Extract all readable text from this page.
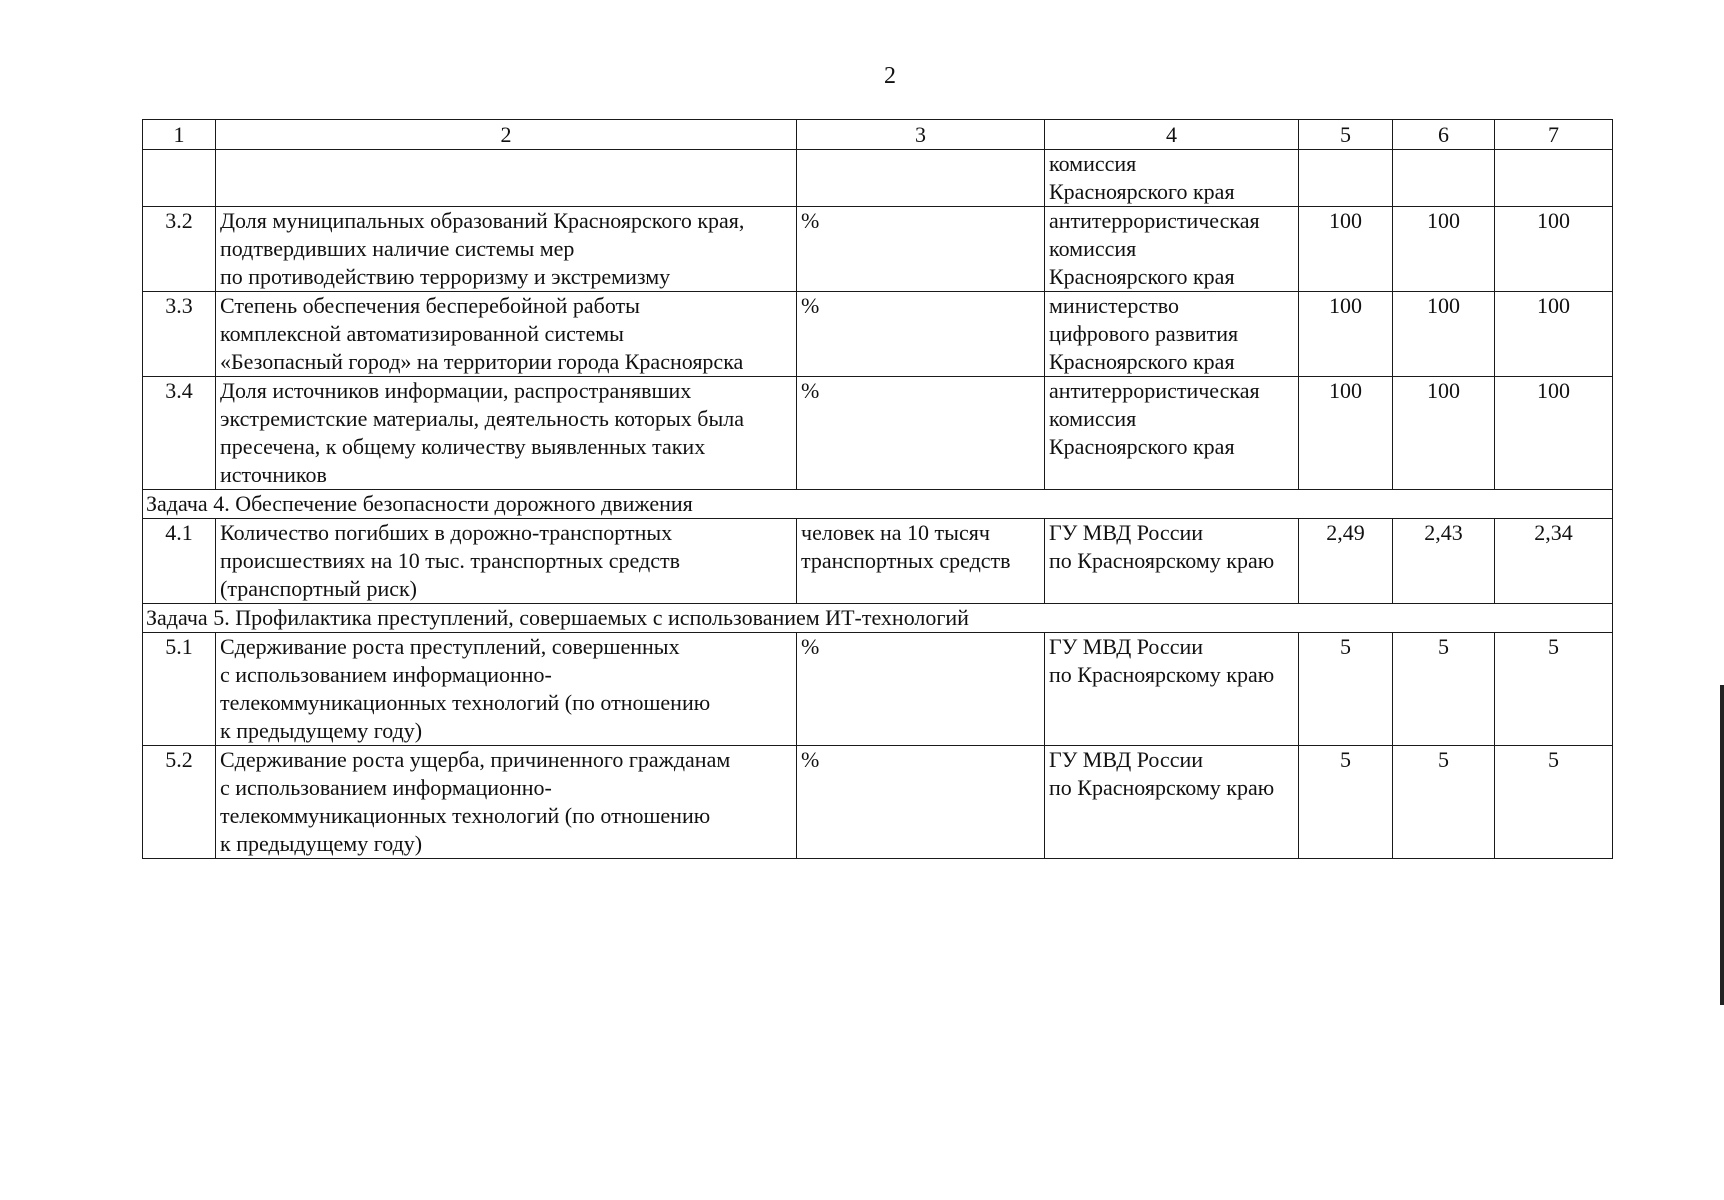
2
1	2	3	4	5	6	7
			комиссия
Красноярского края			
3.2	Доля муниципальных образований Красноярского края,
подтвердивших наличие системы мер
по противодействию терроризму и экстремизму	%	антитеррористическая
комиссия
Красноярского края	100	100	100
3.3	Степень обеспечения бесперебойной работы
комплексной автоматизированной системы
«Безопасный город» на территории города Красноярска	%	министерство
цифрового развития
Красноярского края	100	100	100
3.4	Доля источников информации, распространявших
экстремистские материалы, деятельность которых была
пресечена, к общему количеству выявленных таких
источников	%	антитеррористическая
комиссия
Красноярского края	100	100	100
Задача 4. Обеспечение безопасности дорожного движения						
4.1	Количество погибших в дорожно-транспортных
происшествиях на 10 тыс. транспортных средств
(транспортный риск)	человек на 10 тысяч
транспортных средств	ГУ МВД России
по Красноярскому краю	2,49	2,43	2,34
Задача 5. Профилактика преступлений, совершаемых с использованием ИТ-технологий						
5.1	Сдерживание роста преступлений, совершенных
с использованием информационно-
телекоммуникационных технологий (по отношению
к предыдущему году)	%	ГУ МВД России
по Красноярскому краю	5	5	5
5.2	Сдерживание роста ущерба, причиненного гражданам
с использованием информационно-
телекоммуникационных технологий (по отношению
к предыдущему году)	%	ГУ МВД России
по Красноярскому краю	5	5	5
